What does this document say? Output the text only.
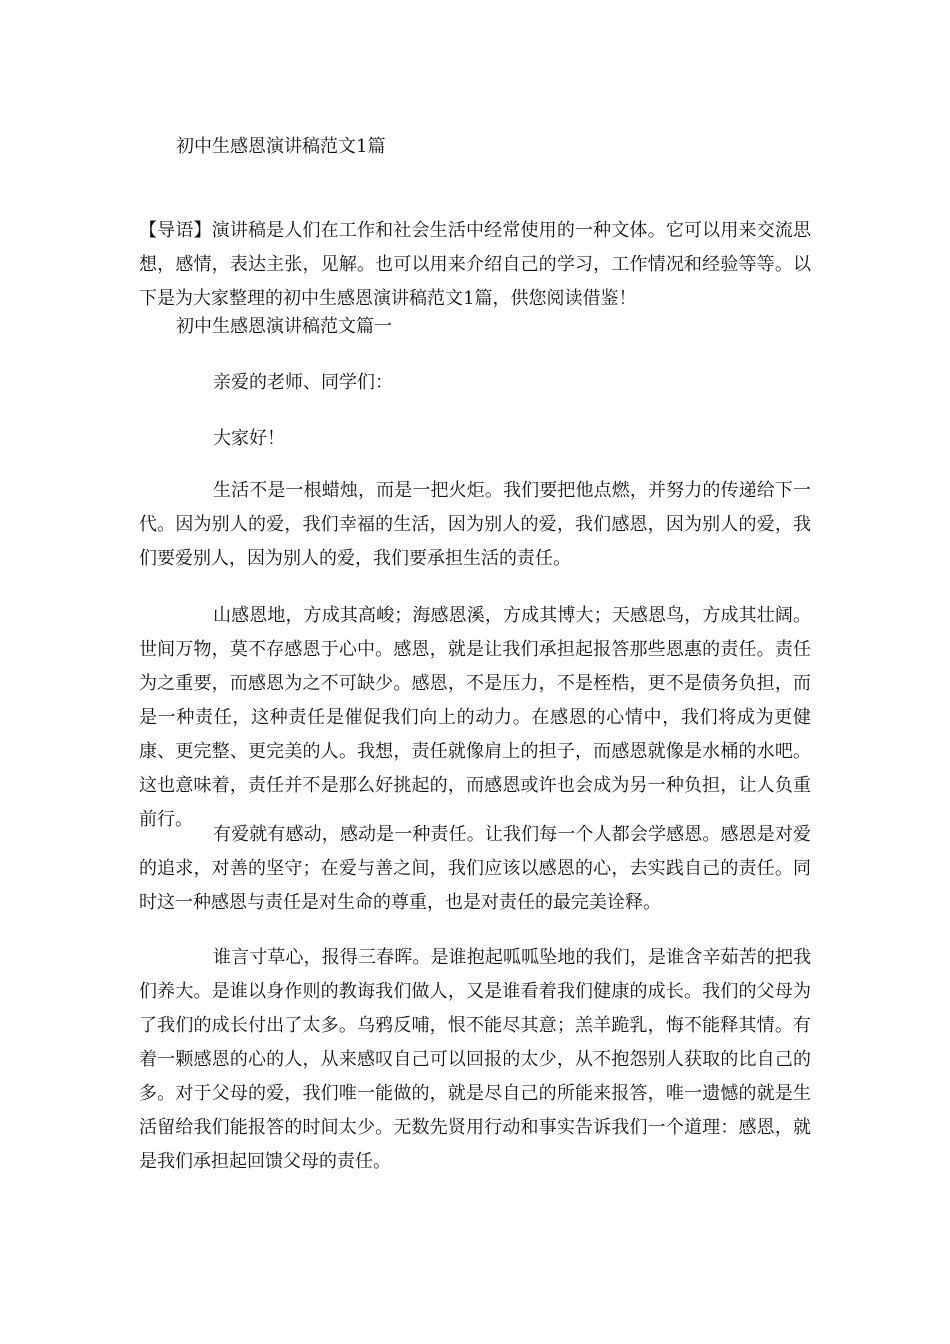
初中生感恩演讲稿范文1篇
【导语】演讲稿是人们在工作和社会生活中经常使用的一种文体。它可以用来交流思想，感情，表达主张，见解。也可以用来介绍自己的学习，工作情况和经验等等。以下是为大家整理的初中生感恩演讲稿范文1篇，供您阅读借鉴！
初中生感恩演讲稿范文篇一
亲爱的老师、同学们：
大家好！

生活不是一根蜡烛，而是一把火炬。我们要把他点燃，并努力的传递给下一代。因为别人的爱，我们幸福的生活，因为别人的爱，我们感恩，因为别人的爱，我们要爱别人，因为别人的爱，我们要承担生活的责任。

山感恩地，方成其高峻；海感恩溪，方成其博大；天感恩鸟，方成其壮阔。世间万物，莫不存感恩于心中。感恩，就是让我们承担起报答那些恩惠的责任。责任为之重要，而感恩为之不可缺少。感恩，不是压力，不是桎梏，更不是债务负担，而是一种责任，这种责任是催促我们向上的动力。在感恩的心情中，我们将成为更健康、更完整、更完美的人。我想，责任就像肩上的担子，而感恩就像是水桶的水吧。这也意味着，责任并不是那么好挑起的，而感恩或许也会成为另一种负担，让人负重前行。

有爱就有感动，感动是一种责任。让我们每一个人都会学感恩。感恩是对爱的追求，对善的坚守；在爱与善之间，我们应该以感恩的心，去实践自己的责任。同时这一种感恩与责任是对生命的尊重，也是对责任的最完美诠释。

谁言寸草心，报得三春晖。是谁抱起呱呱坠地的我们，是谁含辛茹苦的把我们养大。是谁以身作则的教诲我们做人，又是谁看着我们健康的成长。我们的父母为了我们的成长付出了太多。乌鸦反哺，恨不能尽其意；羔羊跪乳，悔不能释其情。有着一颗感恩的心的人，从来感叹自己可以回报的太少，从不抱怨别人获取的比自己的多。对于父母的爱，我们唯一能做的，就是尽自己的所能来报答，唯一遗憾的就是生活留给我们能报答的时间太少。无数先贤用行动和事实告诉我们一个道理：感恩，就是我们承担起回馈父母的责任。
